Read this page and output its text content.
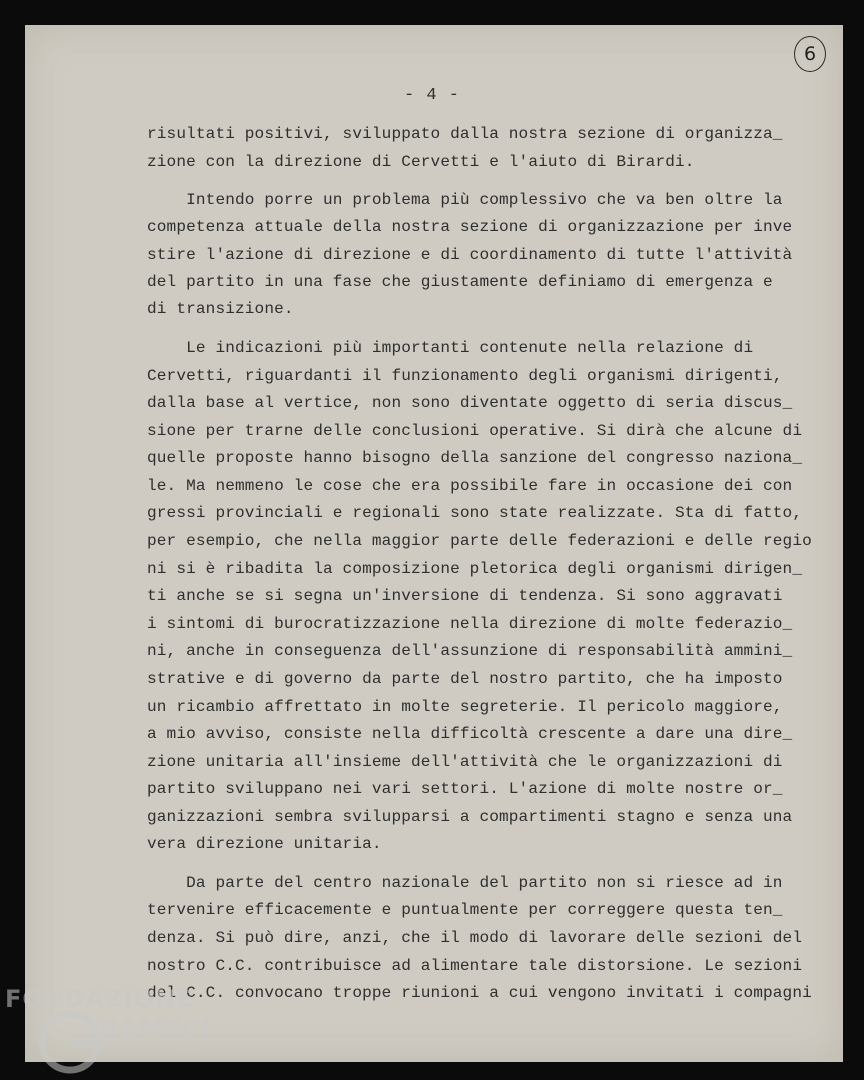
6
- 4 -
risultati positivi, sviluppato dalla nostra sezione di organizza_
zione con la direzione di Cervetti e l'aiuto di Birardi.
Intendo porre un problema più complessivo che va ben oltre la
competenza attuale della nostra sezione di organizzazione per inve
stire l'azione di direzione e di coordinamento di tutte l'attività
del partito in una fase che giustamente definiamo di emergenza e
di transizione.
Le indicazioni più importanti contenute nella relazione di
Cervetti, riguardanti il funzionamento degli organismi dirigenti,
dalla base al vertice, non sono diventate oggetto di seria discus_
sione per trarne delle conclusioni operative. Si dirà che alcune di
quelle proposte hanno bisogno della sanzione del congresso naziona_
le. Ma nemmeno le cose che era possibile fare in occasione dei con
gressi provinciali e regionali sono state realizzate. Sta di fatto,
per esempio, che nella maggior parte delle federazioni e delle regio
ni si è ribadita la composizione pletorica degli organismi dirigen_
ti anche se si segna un'inversione di tendenza. Si sono aggravati
i sintomi di burocratizzazione nella direzione di molte federazio_
ni, anche in conseguenza dell'assunzione di responsabilità ammini_
strative e di governo da parte del nostro partito, che ha imposto
un ricambio affrettato in molte segreterie. Il pericolo maggiore,
a mio avviso, consiste nella difficoltà crescente a dare una dire_
zione unitaria all'insieme dell'attività che le organizzazioni di
partito sviluppano nei vari settori. L'azione di molte nostre or_
ganizzazioni sembra svilupparsi a compartimenti stagno e senza una
vera direzione unitaria.
Da parte del centro nazionale del partito non si riesce ad in
tervenire efficacemente e puntualmente per correggere questa ten_
denza. Si può dire, anzi, che il modo di lavorare delle sezioni del
nostro C.C. contribuisce ad alimentare tale distorsione. Le sezioni
del C.C. convocano troppe riunioni a cui vengono invitati i compagni
FONDAZIONE
RAMSCI
onlus
